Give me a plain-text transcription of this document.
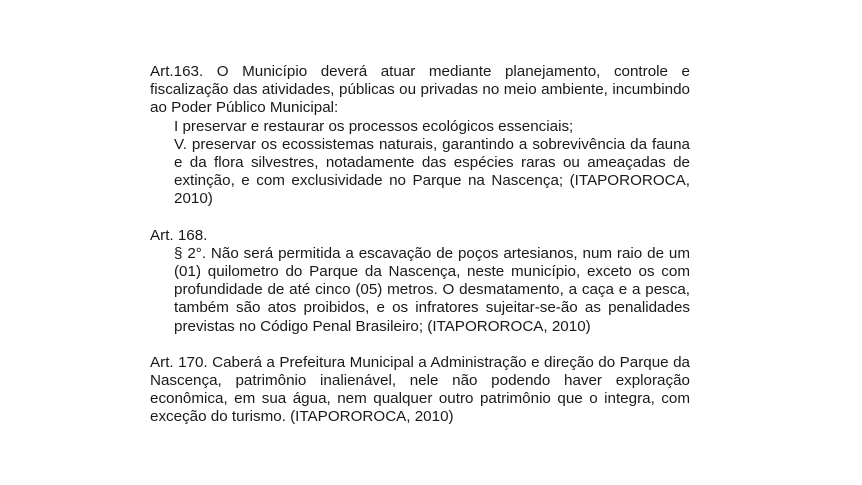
Art.163. O Município deverá atuar mediante planejamento, controle e fiscalização das atividades, públicas ou privadas no meio ambiente, incumbindo ao Poder Público Municipal:

I preservar e restaurar os processos ecológicos essenciais;

V. preservar os ecossistemas naturais, garantindo a sobrevivência da fauna e da flora silvestres, notadamente das espécies raras ou ameaçadas de extinção, e com exclusividade no Parque na Nascença; (ITAPOROROCA, 2010)

Art. 168.

§ 2°. Não será permitida a escavação de poços artesianos, num raio de um (01) quilometro do Parque da Nascença, neste município, exceto os com profundidade de até cinco (05) metros. O desmatamento, a caça e a pesca, também são atos proibidos, e os infratores sujeitar-se-ão as penalidades previstas no Código Penal Brasileiro; (ITAPOROROCA, 2010)

Art. 170. Caberá a Prefeitura Municipal a Administração e direção do Parque da Nascença, patrimônio inalienável, nele não podendo haver exploração econômica, em sua água, nem qualquer outro patrimônio que o integra, com exceção do turismo. (ITAPOROROCA, 2010)
